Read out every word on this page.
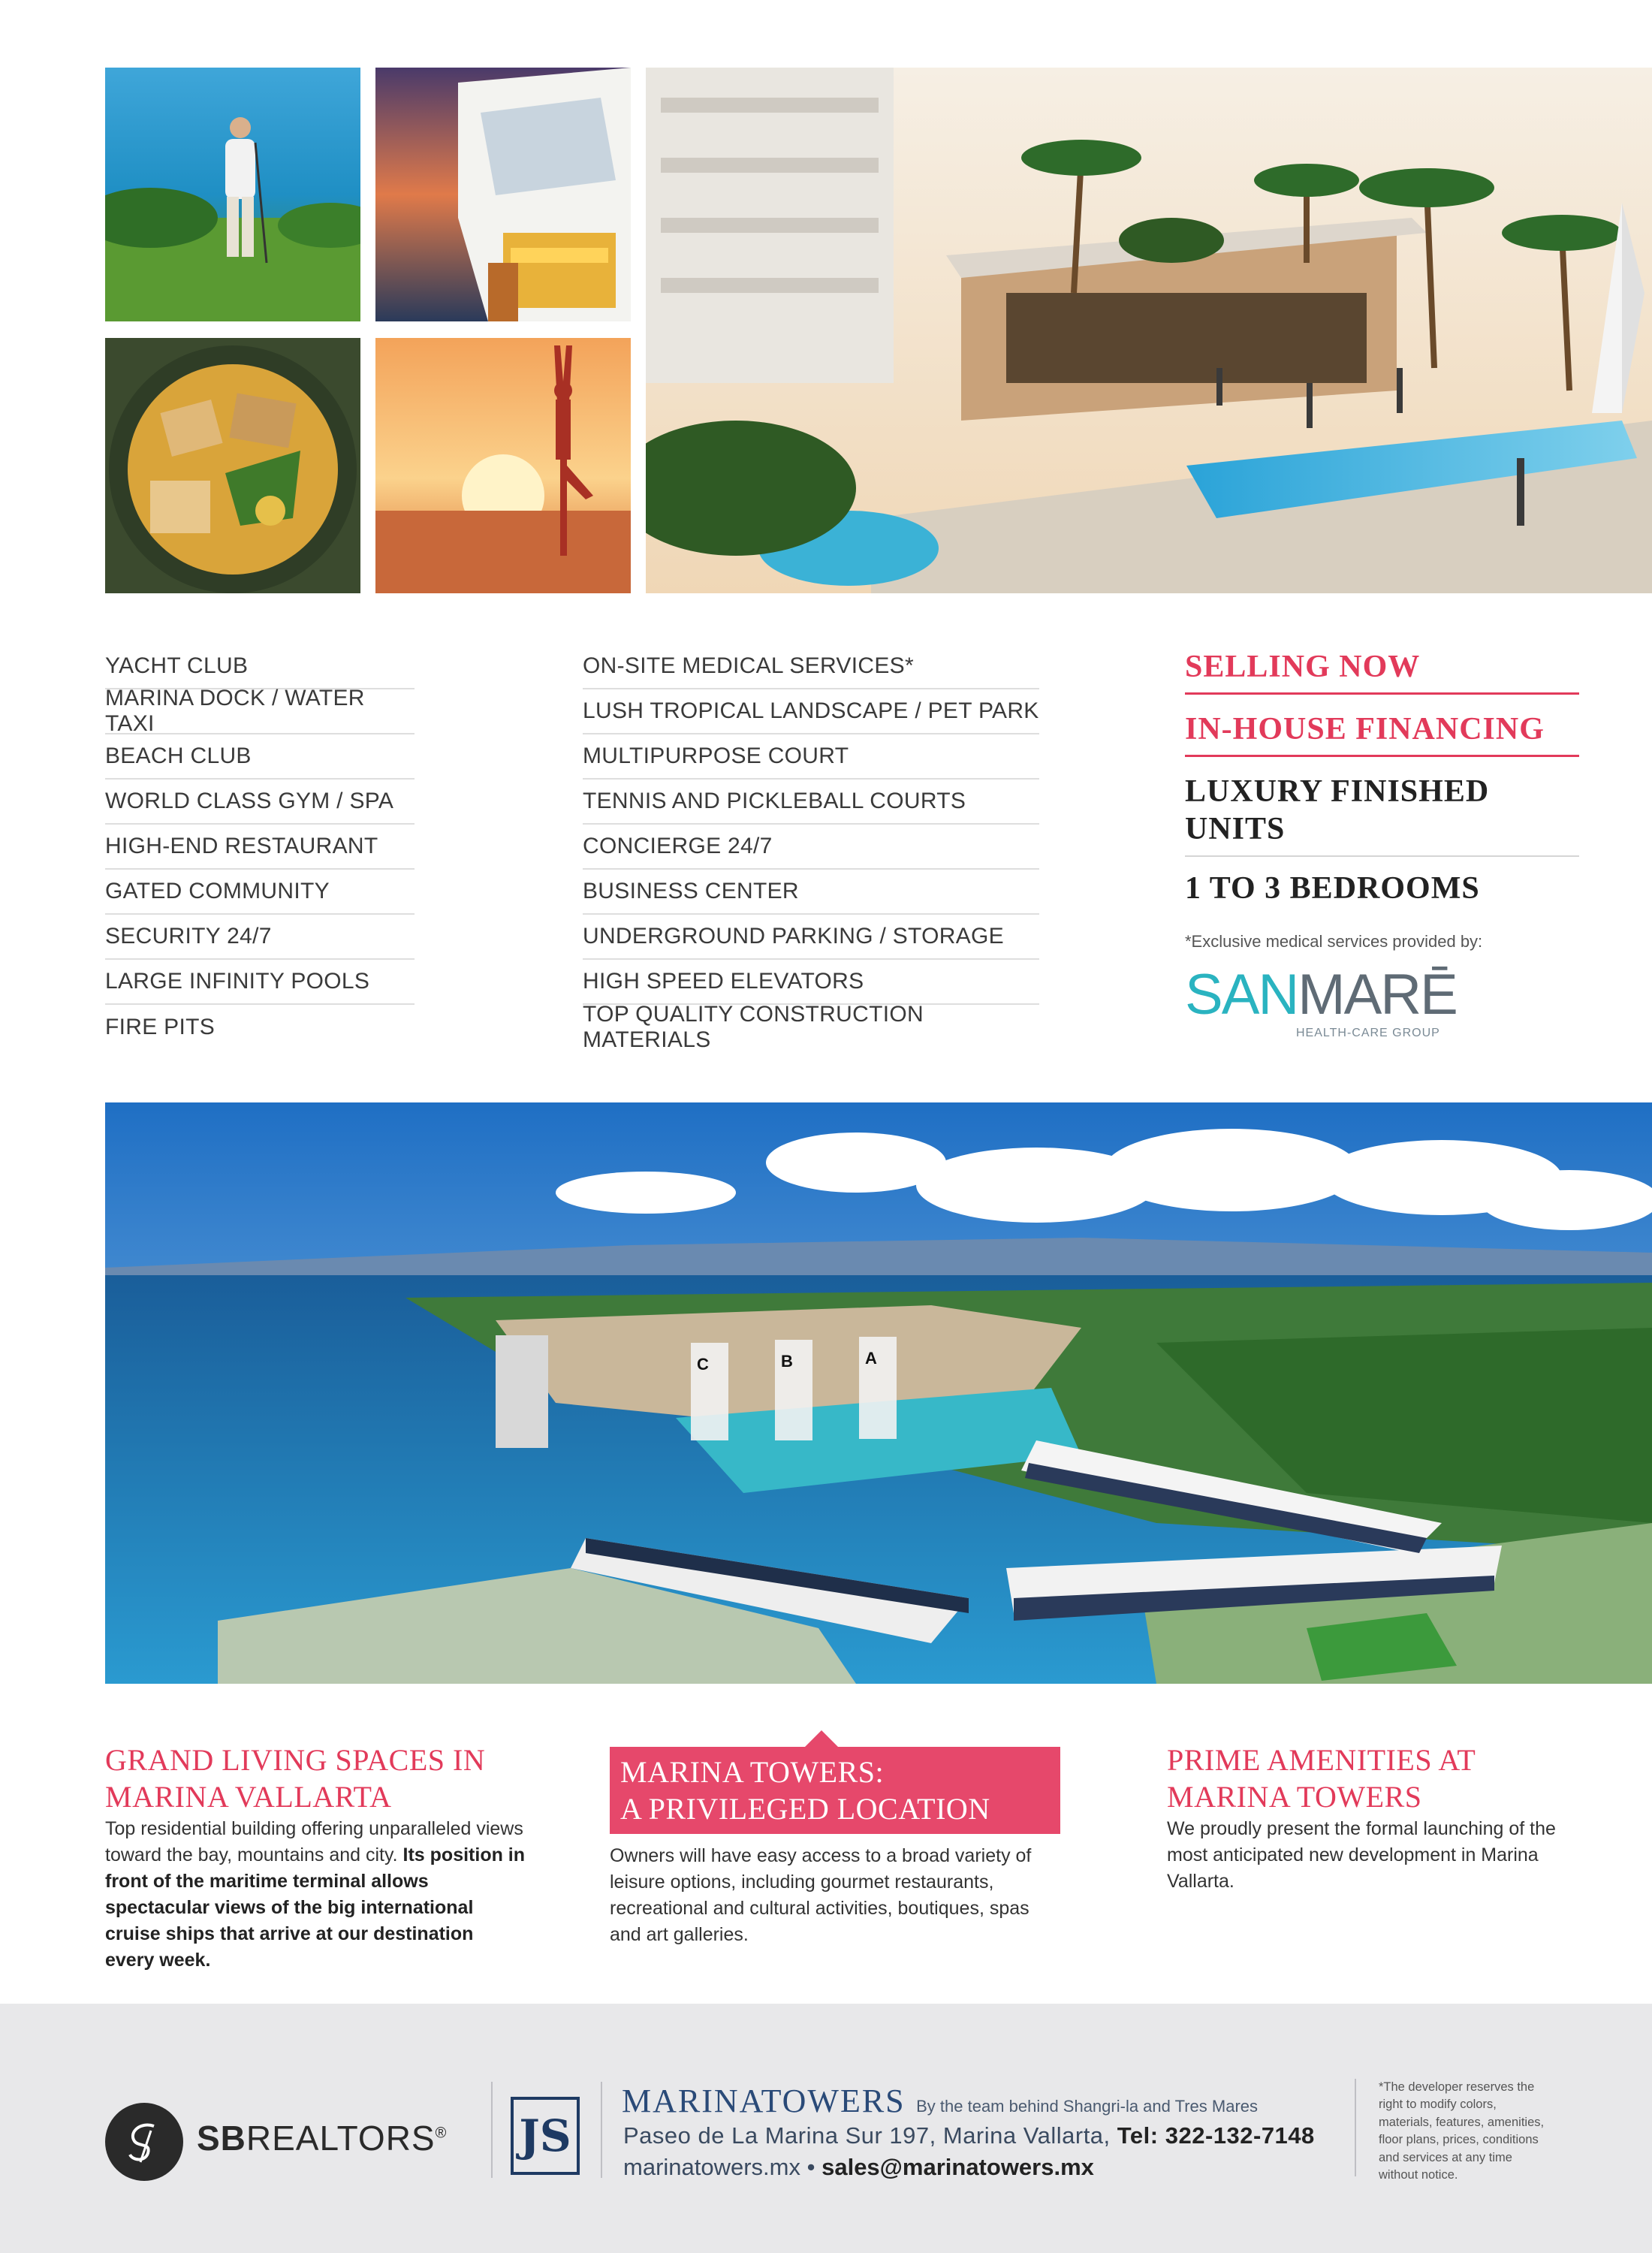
YACHT CLUB
MARINA DOCK / WATER TAXI
BEACH CLUB
WORLD CLASS GYM / SPA
HIGH-END RESTAURANT
GATED COMMUNITY
SECURITY 24/7
LARGE INFINITY POOLS
FIRE PITS
ON-SITE MEDICAL SERVICES*
LUSH TROPICAL LANDSCAPE / PET PARK
MULTIPURPOSE COURT
TENNIS AND PICKLEBALL COURTS
CONCIERGE 24/7
BUSINESS CENTER
UNDERGROUND PARKING / STORAGE
HIGH SPEED ELEVATORS
TOP QUALITY CONSTRUCTION MATERIALS
SELLING NOW
IN-HOUSE FINANCING
LUXURY FINISHED UNITS
1 TO 3 BEDROOMS
*Exclusive medical services provided by:
SANMARĒ
HEALTH-CARE GROUP
C	B	A
GRAND LIVING SPACES IN
MARINA VALLARTA
Top residential building offering unparalleled views toward the bay, mountains and city. Its position in front of the maritime terminal allows spectacular views of the big international cruise ships that arrive at our destination every week.
MARINA TOWERS:
A PRIVILEGED LOCATION
Owners will have easy access to a broad variety of leisure options, including gourmet restaurants, recreational and cultural activities, boutiques, spas and art galleries.
PRIME AMENITIES AT
MARINA TOWERS
We proudly present the formal launching of the most anticipated new development in Marina Vallarta.
SBREALTORS® JS
MARINATOWERS By the team behind Shangri-la and Tres Mares
Paseo de La Marina Sur 197, Marina Vallarta, Tel: 322-132-7148
marinatowers.mx • sales@marinatowers.mx
*The developer reserves the right to modify colors, materials, features, amenities, floor plans, prices, conditions and services at any time without notice.
